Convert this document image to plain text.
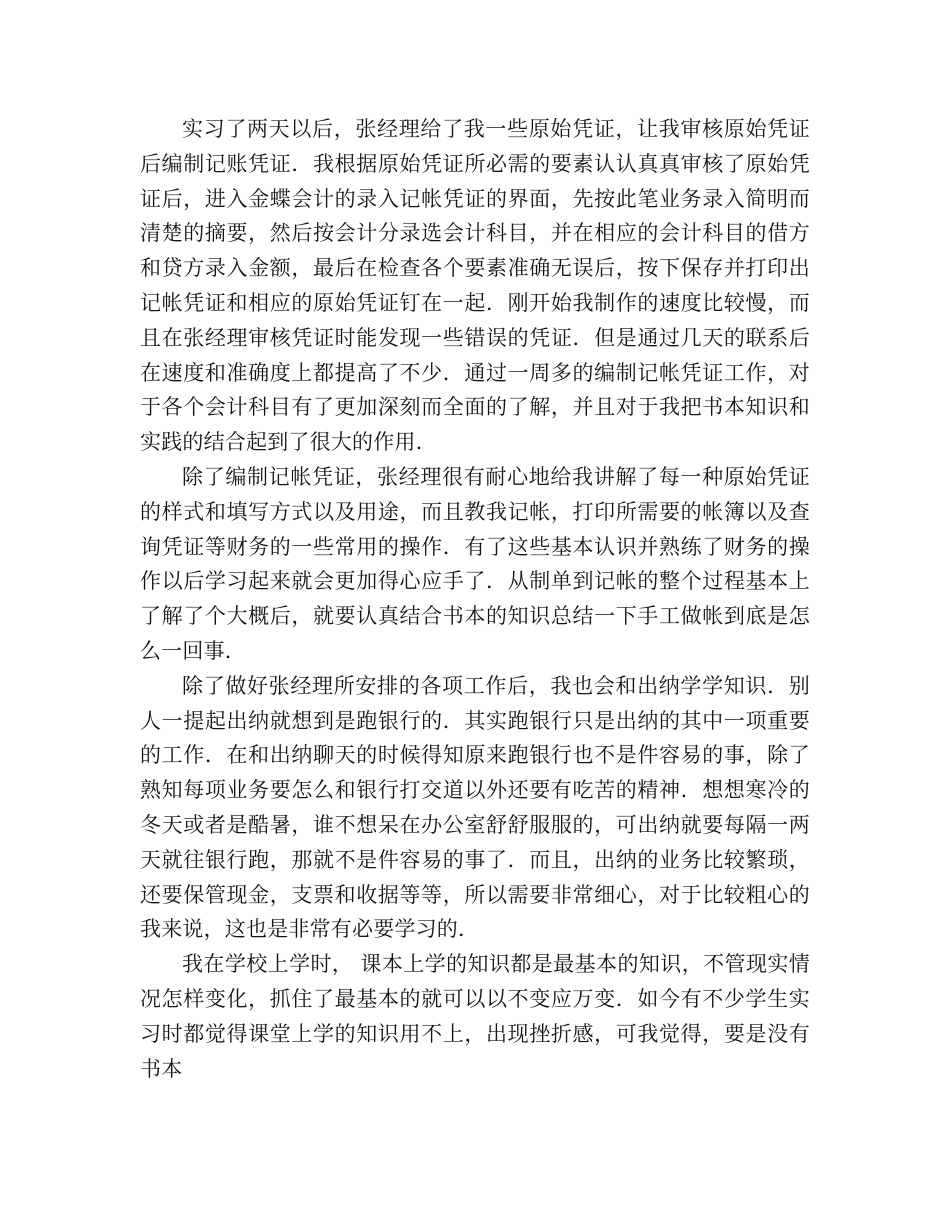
实习了两天以后，张经理给了我一些原始凭证，让我审核原始凭证后编制记账凭证．我根据原始凭证所必需的要素认认真真审核了原始凭证后，进入金蝶会计的录入记帐凭证的界面，先按此笔业务录入简明而清楚的摘要，然后按会计分录选会计科目，并在相应的会计科目的借方和贷方录入金额，最后在检查各个要素准确无误后，按下保存并打印出记帐凭证和相应的原始凭证钉在一起．刚开始我制作的速度比较慢，而且在张经理审核凭证时能发现一些错误的凭证．但是通过几天的联系后在速度和准确度上都提高了不少．通过一周多的编制记帐凭证工作，对于各个会计科目有了更加深刻而全面的了解，并且对于我把书本知识和实践的结合起到了很大的作用．

除了编制记帐凭证，张经理很有耐心地给我讲解了每一种原始凭证的样式和填写方式以及用途，而且教我记帐，打印所需要的帐簿以及查询凭证等财务的一些常用的操作．有了这些基本认识并熟练了财务的操作以后学习起来就会更加得心应手了．从制单到记帐的整个过程基本上了解了个大概后，就要认真结合书本的知识总结一下手工做帐到底是怎么一回事．

除了做好张经理所安排的各项工作后，我也会和出纳学学知识．别人一提起出纳就想到是跑银行的．其实跑银行只是出纳的其中一项重要的工作．在和出纳聊天的时候得知原来跑银行也不是件容易的事，除了熟知每项业务要怎么和银行打交道以外还要有吃苦的精神．想想寒冷的冬天或者是酷暑，谁不想呆在办公室舒舒服服的，可出纳就要每隔一两天就往银行跑，那就不是件容易的事了．而且，出纳的业务比较繁琐，还要保管现金，支票和收据等等，所以需要非常细心，对于比较粗心的我来说，这也是非常有必要学习的．

我在学校上学时， 课本上学的知识都是最基本的知识，不管现实情况怎样变化，抓住了最基本的就可以以不变应万变．如今有不少学生实习时都觉得课堂上学的知识用不上，出现挫折感，可我觉得，要是没有书本
